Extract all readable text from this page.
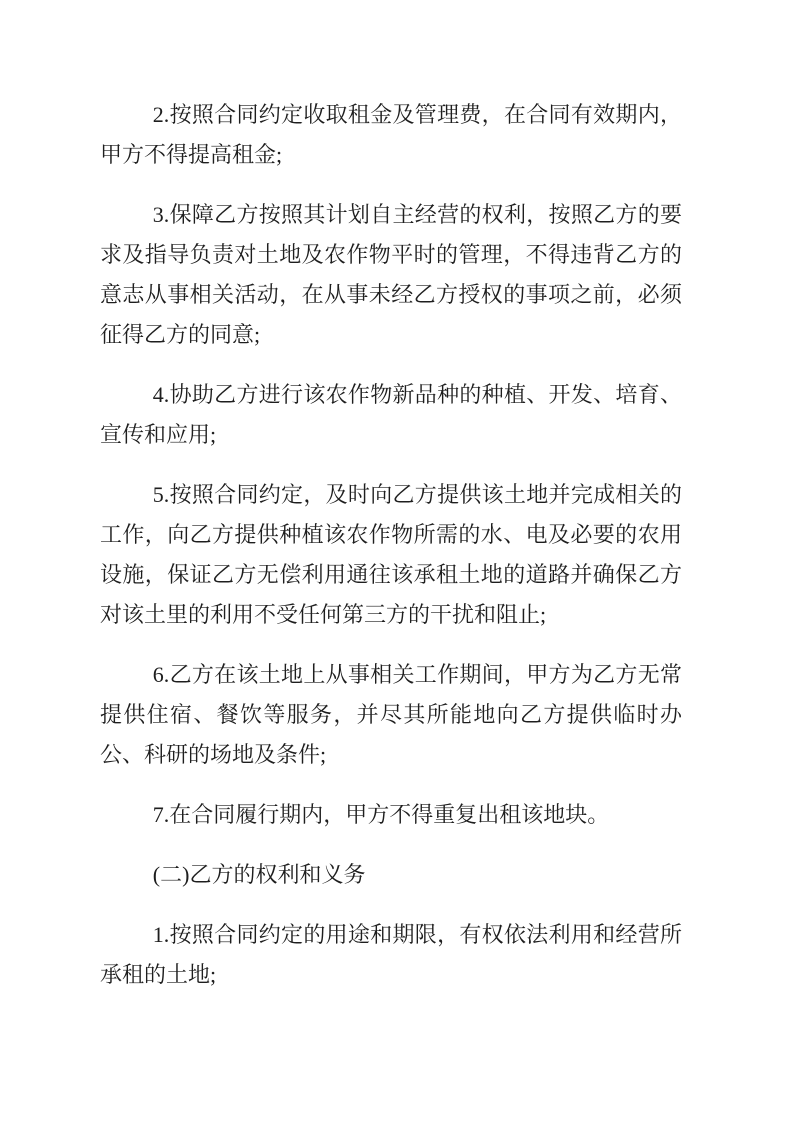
2.按照合同约定收取租金及管理费，在合同有效期内，甲方不得提高租金;

3.保障乙方按照其计划自主经营的权利，按照乙方的要求及指导负责对土地及农作物平时的管理，不得违背乙方的意志从事相关活动，在从事未经乙方授权的事项之前，必须征得乙方的同意;

4.协助乙方进行该农作物新品种的种植、开发、培育、宣传和应用;

5.按照合同约定，及时向乙方提供该土地并完成相关的工作，向乙方提供种植该农作物所需的水、电及必要的农用设施，保证乙方无偿利用通往该承租土地的道路并确保乙方对该土里的利用不受任何第三方的干扰和阻止;

6.乙方在该土地上从事相关工作期间，甲方为乙方无常提供住宿、餐饮等服务，并尽其所能地向乙方提供临时办公、科研的场地及条件;

7.在合同履行期内，甲方不得重复出租该地块。

(二)乙方的权利和义务

1.按照合同约定的用途和期限，有权依法利用和经营所承租的土地;
